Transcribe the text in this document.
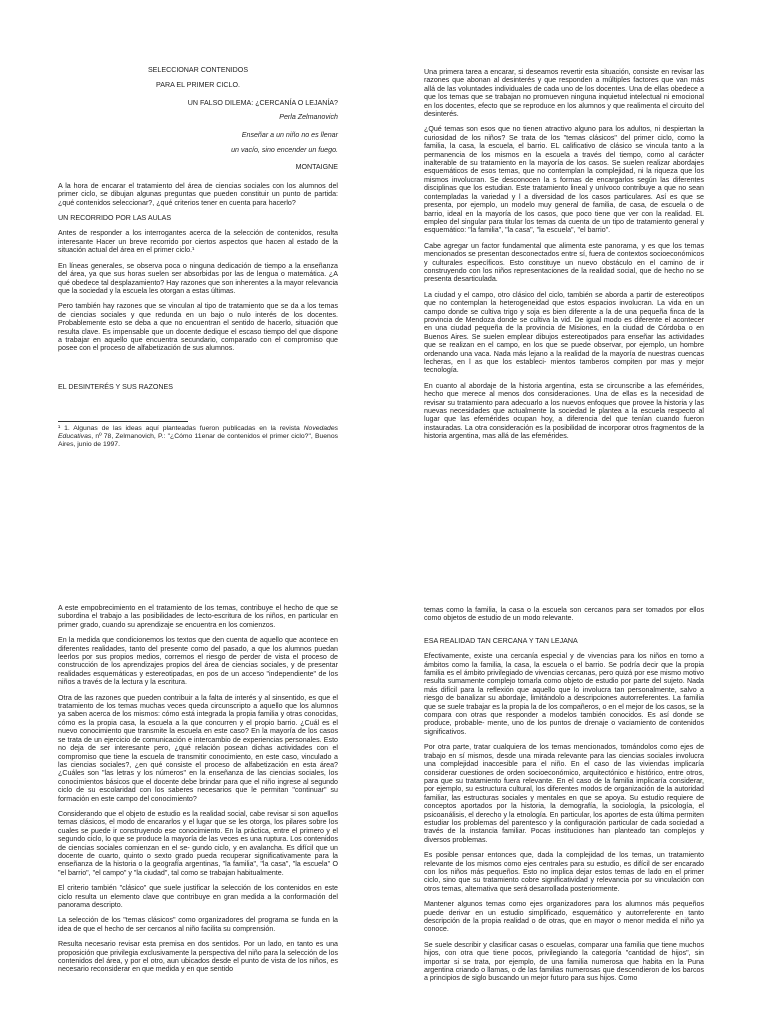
SELECCIONAR CONTENIDOS

PARA EL PRIMER CICLO.

UN FALSO DILEMA: ¿CERCANÍA O LEJANÍA?

Perla Zelmanovich

Enseñar a un niño no es llenar

un vacío, sino encender un fuego.

MONTAIGNE

A la hora de encarar el tratamiento del área de ciencias sociales con los alumnos del primer ciclo, se dibujan algunas preguntas que pueden constituir un punto de partida: ¿qué contenidos seleccionar?, ¿qué criterios tener en cuenta para hacerlo?

UN RECORRIDO POR LAS AULAS

Antes de responder a los interrogantes acerca de la selección de contenidos, resulta interesante Hacer un breve recorrido por ciertos aspectos que hacen al estado de la situación actual del área en el primer ciclo.¹

En líneas generales, se observa poca o ninguna dedicación de tiempo a la enseñanza del área, ya que sus horas suelen ser absorbidas por las de lengua o matemática. ¿A qué obedece tal desplazamiento? Hay razones que son inherentes a la mayor relevancia que la sociedad y la escuela les otorgan a estas últimas.

Pero también hay razones que se vinculan al tipo de tratamiento que se da a los temas de ciencias sociales y que redunda en un bajo o nulo interés de los docentes. Probablemente esto se deba a que no encuentran el sentido de hacerlo, situación que resulta clave. Es impensable que un docente dedique el escaso tiempo del que dispone a trabajar en aquello que encuentra secundario, comparado con el compromiso que posee con el proceso de alfabetización de sus alumnos.

EL DESINTERÉS Y SUS RAZONES

¹ 1. Algunas de las ideas aquí planteadas fueron publicadas en la revista Novedades Educativas, nº 78, Zelmanovich, P.: "¿Cómo 11enar de contenidos el primer ciclo?", Buenos Aires, junio de 1997.

Una primera tarea a encarar, si deseamos revertir esta situación, consiste en revisar las razones que abonan al desinterés y que responden a múltiples factores que van más allá de las voluntades individuales de cada uno de los docentes. Una de ellas obedece a que los temas que se trabajan no promueven ninguna inquietud intelectual ni emocional en los docentes, efecto que se reproduce en los alumnos y que realimenta el circuito del desinterés.

¿Qué temas son esos que no tienen atractivo alguno para los adultos, ni despiertan la curiosidad de los niños? Se trata de los "temas clásicos" del primer ciclo, como la familia, la casa, la escuela, el barrio. EL calificativo de clásico se vincula tanto a la permanencia de los mismos en la escuela a través del tiempo, como al carácter inalterable de su tratamiento en la mayoría de los casos. Se suelen realizar abordajes esquemáticos de esos temas, que no contemplan la complejidad, ni la riqueza que los mismos involucran. Se desconocen la s formas de encargarlos según las diferentes disciplinas que los estudian. Este tratamiento lineal y unívoco contribuye a que no sean contempladas la variedad y l a diversidad de los casos particulares. Así es que se presenta, por ejemplo, un modelo muy general de familia, de casa, de escuela o de barrio, ideal en la mayoría de los casos, que poco tiene que ver con la realidad. EL empleo del singular para titular los temas da cuenta de un tipo de tratamiento general y esquemático: "la familia", "la casa", "la escuela", "el barrio".

Cabe agregar un factor fundamental que alimenta este panorama, y es que los temas mencionados se presentan desconectados entre sí, fuera de contextos socioeconómicos y culturales específicos. Esto constituye un nuevo obstáculo en el camino de ir construyendo con los niños representaciones de la realidad social, que de hecho no se presenta desarticulada.

La ciudad y el campo, otro clásico del ciclo, también se aborda a partir de estereotipos que no contemplan la heterogeneidad que estos espacios involucran. La vida en un campo donde se cultiva trigo y soja es bien diferente a la de una pequeña finca de la provincia de Mendoza donde se cultiva la vid. De igual modo es diferente el acontecer en una ciudad pequeña de la provincia de Misiones, en la ciudad de Córdoba o en Buenos Aires. Se suelen emplear dibujos estereotipados para enseñar las actividades que se realizan en el campo, en los que se puede observar, por ejemplo, un hombre ordenando una vaca. Nada más lejano a la realidad de la mayoría de nuestras cuencas lecheras, en l as que los estableci- mientos tamberos compiten por mas y mejor tecnología.

En cuanto al abordaje de la historia argentina, esta se circunscribe a las efemérides, hecho que merece al menos dos consideraciones. Una de ellas es la necesidad de revisar su tratamiento para adecuarlo a los nuevos enfoques que provee la historia y las nuevas necesidades que actualmente la sociedad le plantea a la escuela respecto al lugar que las efemérides ocupan hoy, a diferencia del que tenían cuando fueron instauradas. La otra consideración es la posibilidad de incorporar otros fragmentos de la historia argentina, mas allá de las efemérides.

A este empobrecimiento en el tratamiento de los temas, contribuye el hecho de que se subordina el trabajo a las posibilidades de lecto-escritura de los niños, en particular en primer grado, cuando su aprendizaje se encuentra en los comienzos.

En la medida que condicionemos los textos que den cuenta de aquello que acontece en diferentes realidades, tanto del presente como del pasado, a que los alumnos puedan leerlos por sus propios medios, corremos el riesgo de perder de vista el proceso de construcción de los aprendizajes propios del área de ciencias sociales, y de presentar realidades esquemáticas y estereotipadas, en pos de un acceso "independiente" de los niños a través de la lectura y la escritura.

Otra de las razones que pueden contribuir a la falta de interés y al sinsentido, es que el tratamiento de los temas muchas veces queda circunscripto a aquello que los alumnos ya saben acerca de los mismos: cómo está integrada la propia familia y otras conocidas, cómo es la propia casa, la escuela a la que concurren y el propio barrio. ¿Cuál es el nuevo conocimiento que transmite la escuela en este caso? En la mayoría de los casos se trata de un ejercicio de comunicación e intercambio de experiencias personales. Esto no deja de ser interesante pero, ¿qué relación posean dichas actividades con el compromiso que tiene la escuela de transmitir conocimiento, en este caso, vinculado a las ciencias sociales?, ¿en qué consiste el proceso de alfabetización en esta área? ¿Cuáles son "las letras y los números" en la enseñanza de las ciencias sociales, los conocimientos básicos que el docente debe brindar para que el niño ingrese al segundo ciclo de su escolaridad con los saberes necesarios que le permitan "continuar" su formación en este campo del conocimiento?

Considerando que el objeto de estudio es la realidad social, cabe revisar si son aquellos temas clásicos, el modo de encararlos y el lugar que se les otorga, los pilares sobre los cuales se puede ir construyendo ese conocimiento. En la práctica, entre el primero y el segundo ciclo, lo que se produce la mayoría de las veces es una ruptura. Los contenidos de ciencias sociales comienzan en el se- gundo ciclo, y en avalancha. Es difícil que un docente de cuarto, quinto o sexto grado pueda recuperar significativamente para la enseñanza de la historia o la geografía argentinas, "la familia", "la casa", "la escuela" O "el barrio", "el campo" y "la ciudad", tal como se trabajan habitualmente.

El criterio también "clásico" que suele justificar la selección de los contenidos en este ciclo resulta un elemento clave que contribuye en gran medida a la conformación del panorama descripto.

La selección de los "temas clásicos" como organizadores del programa se funda en la idea de que el hecho de ser cercanos al niño facilita su comprensión.

Resulta necesario revisar esta premisa en dos sentidos. Por un lado, en tanto es una proposición que privilegia exclusivamente la perspectiva del niño para la selección de los contenidos del área, y por el otro, aun ubicados desde el punto de vista de los niños, es necesario reconsiderar en que medida y en que sentido

temas como la familia, la casa o la escuela son cercanos para ser tomados por ellos como objetos de estudio de un modo relevante.

ESA REALIDAD TAN CERCANA Y TAN LEJANA

Efectivamente, existe una cercanía especial y de vivencias para los niños en torno a ámbitos como la familia, la casa, la escuela o el barrio. Se podría decir que la propia familia es el ámbito privilegiado de vivencias cercanas, pero quizá por ese mismo motivo resulta sumamente complejo tomarla como objeto de estudio por parte del sujeto. Nada más difícil para la reflexión que aquello que lo involucra tan personalmente, salvo a riesgo de banalizar su abordaje, limitándolo a descripciones autorreferentes. La familia que se suele trabajar es la propia la de los compañeros, o en el mejor de los casos, se la compara con otras que responder a modelos también conocidos. Es así donde se produce, probable- mente, uno de los puntos de drenaje o vaciamiento de contenidos significativos.

Por otra parte, tratar cualquiera de los temas mencionados, tomándolos como ejes de trabajo en sí mismos, desde una mirada relevante para las ciencias sociales involucra una complejidad inaccesible para el niño. En el caso de las viviendas implicaría considerar cuestiones de orden socioeconómico, arquitectónico e histórico, entre otros, para que su tratamiento fuera relevante. En el caso de la familia implicaría considerar, por ejemplo, su estructura cultural, los diferentes modos de organización de la autoridad familiar, las estructuras sociales y mentales en que se apoya. Su estudio requiere de conceptos aportados por la historia, la demografía, la sociología, la psicología, el psicoanálisis, el derecho y la etnología. En particular, los aportes de esta última permiten estudiar los problemas del parentesco y la configuración particular de cada sociedad a través de la instancia familiar. Pocas instituciones han planteado tan complejos y diversos problemas.

Es posible pensar entonces que, dada la complejidad de los temas, un tratamiento relevante de los mismos como ejes centrales para su estudio, es difícil de ser encarado con los niños más pequeños. Esto no implica dejar estos temas de lado en el primer ciclo, sino que su tratamiento cobre significatividad y relevancia por su vinculación con otros temas, alternativa que será desarrollada posteriormente.

Mantener algunos temas como ejes organizadores para los alumnos más pequeños puede derivar en un estudio simplificado, esquemático y autorreferente en tanto descripción de la propia realidad o de otras, que en mayor o menor medida el niño ya conoce.

Se suele describir y clasificar casas o escuelas, comparar una familia que tiene muchos hijos, con otra que tiene pocos, privilegiando la categoría "cantidad de hijos", sin importar si se trata, por ejemplo, de una familia numerosa que habita en la Puna argentina criando o llamas, o de las familias numerosas que descendieron de los barcos a principios de siglo buscando un mejor futuro para sus hijos. Como
